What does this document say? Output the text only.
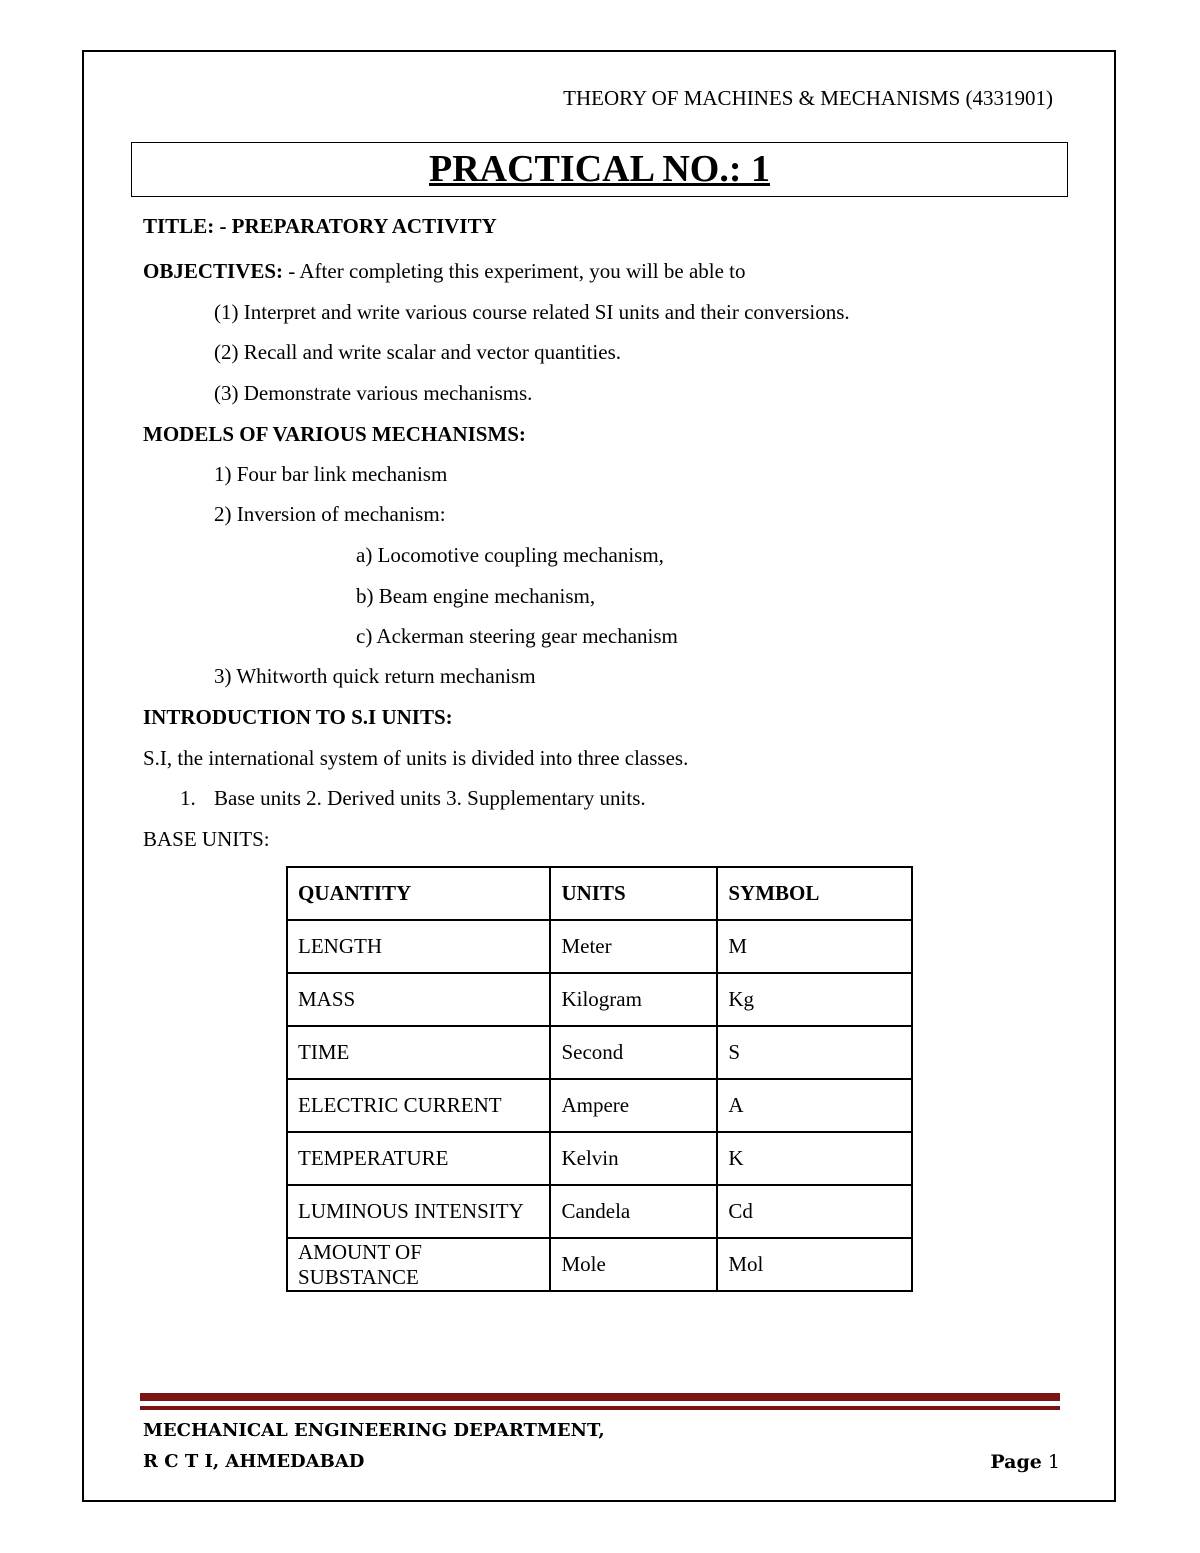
THEORY OF MACHINES & MECHANISMS (4331901)
PRACTICAL NO.: 1
TITLE: - PREPARATORY ACTIVITY
OBJECTIVES: - After completing this experiment, you will be able to
(1) Interpret and write various course related SI units and their conversions.
(2) Recall and write scalar and vector quantities.
(3) Demonstrate various mechanisms.
MODELS OF VARIOUS MECHANISMS:
1) Four bar link mechanism
2) Inversion of mechanism:
a) Locomotive coupling mechanism,
b) Beam engine mechanism,
c) Ackerman steering gear mechanism
3) Whitworth quick return mechanism
INTRODUCTION TO S.I UNITS:
S.I, the international system of units is divided into three classes.
1. Base units 2. Derived units 3. Supplementary units.
BASE UNITS:
QUANTITY	UNITS	SYMBOL
LENGTH	Meter	M
MASS	Kilogram	Kg
TIME	Second	S
ELECTRIC CURRENT	Ampere	A
TEMPERATURE	Kelvin	K
LUMINOUS INTENSITY	Candela	Cd
AMOUNT OF SUBSTANCE	Mole	Mol
MECHANICAL ENGINEERING DEPARTMENT,
R C T I, AHMEDABAD	Page 1
